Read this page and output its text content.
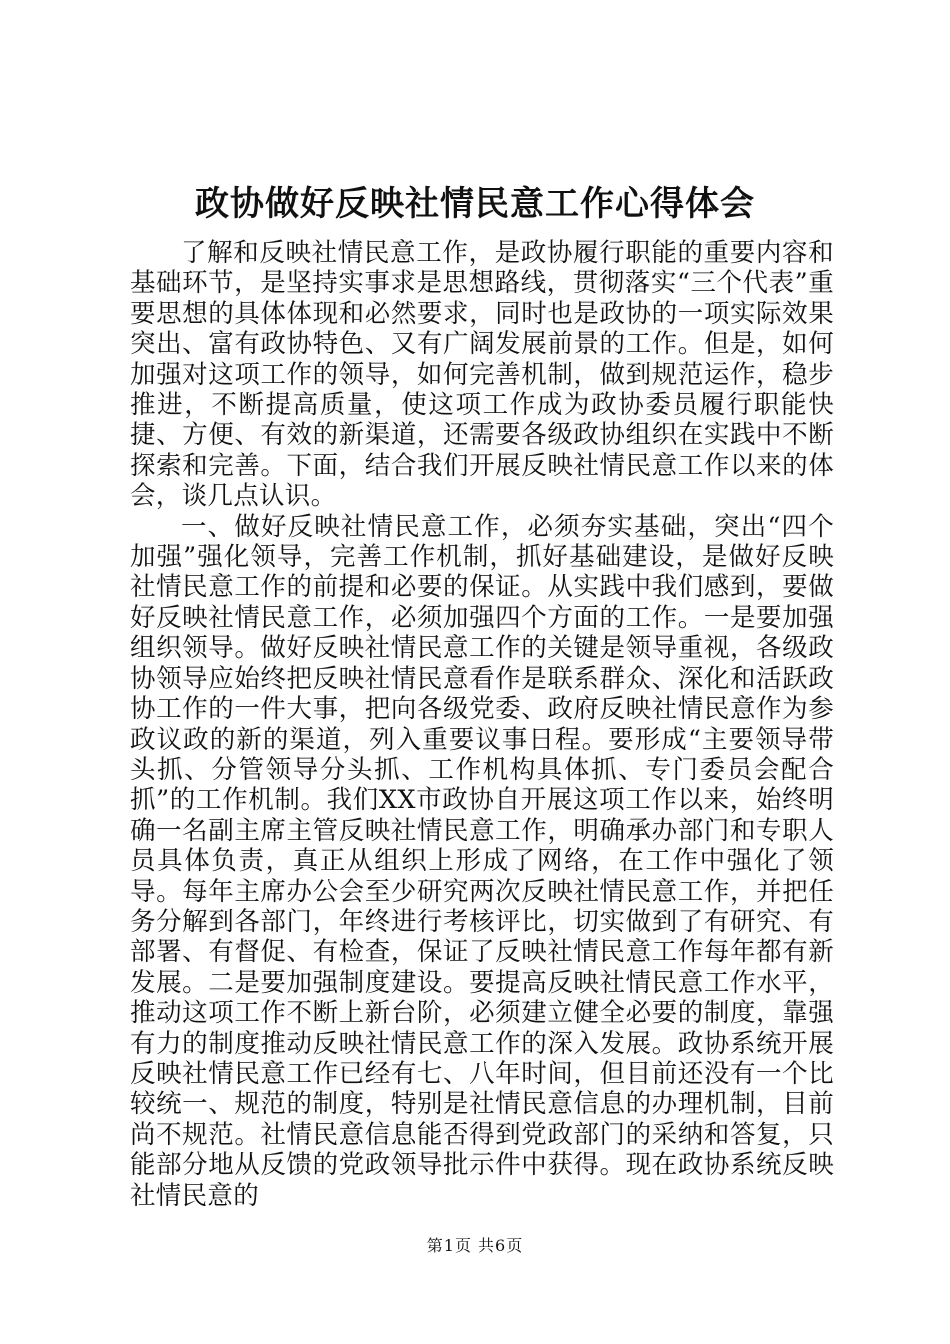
政协做好反映社情民意工作心得体会

了解和反映社情民意工作，是政协履行职能的重要内容和基础环节，是坚持实事求是思想路线，贯彻落实“三个代表”重要思想的具体体现和必然要求，同时也是政协的一项实际效果突出、富有政协特色、又有广阔发展前景的工作。但是，如何加强对这项工作的领导，如何完善机制，做到规范运作，稳步推进，不断提高质量，使这项工作成为政协委员履行职能快捷、方便、有效的新渠道，还需要各级政协组织在实践中不断探索和完善。下面，结合我们开展反映社情民意工作以来的体会，谈几点认识。

一、做好反映社情民意工作，必须夯实基础，突出“四个加强”强化领导，完善工作机制，抓好基础建设，是做好反映社情民意工作的前提和必要的保证。从实践中我们感到，要做好反映社情民意工作，必须加强四个方面的工作。一是要加强组织领导。做好反映社情民意工作的关键是领导重视，各级政协领导应始终把反映社情民意看作是联系群众、深化和活跃政协工作的一件大事，把向各级党委、政府反映社情民意作为参政议政的新的渠道，列入重要议事日程。要形成“主要领导带头抓、分管领导分头抓、工作机构具体抓、专门委员会配合抓”的工作机制。我们XX市政协自开展这项工作以来，始终明确一名副主席主管反映社情民意工作，明确承办部门和专职人员具体负责，真正从组织上形成了网络，在工作中强化了领导。每年主席办公会至少研究两次反映社情民意工作，并把任务分解到各部门，年终进行考核评比，切实做到了有研究、有部署、有督促、有检查，保证了反映社情民意工作每年都有新发展。二是要加强制度建设。要提高反映社情民意工作水平，推动这项工作不断上新台阶，必须建立健全必要的制度，靠强有力的制度推动反映社情民意工作的深入发展。政协系统开展反映社情民意工作已经有七、八年时间，但目前还没有一个比较统一、规范的制度，特别是社情民意信息的办理机制，目前尚不规范。社情民意信息能否得到党政部门的采纳和答复，只能部分地从反馈的党政领导批示件中获得。现在政协系统反映社情民意的

第1页 共6页
